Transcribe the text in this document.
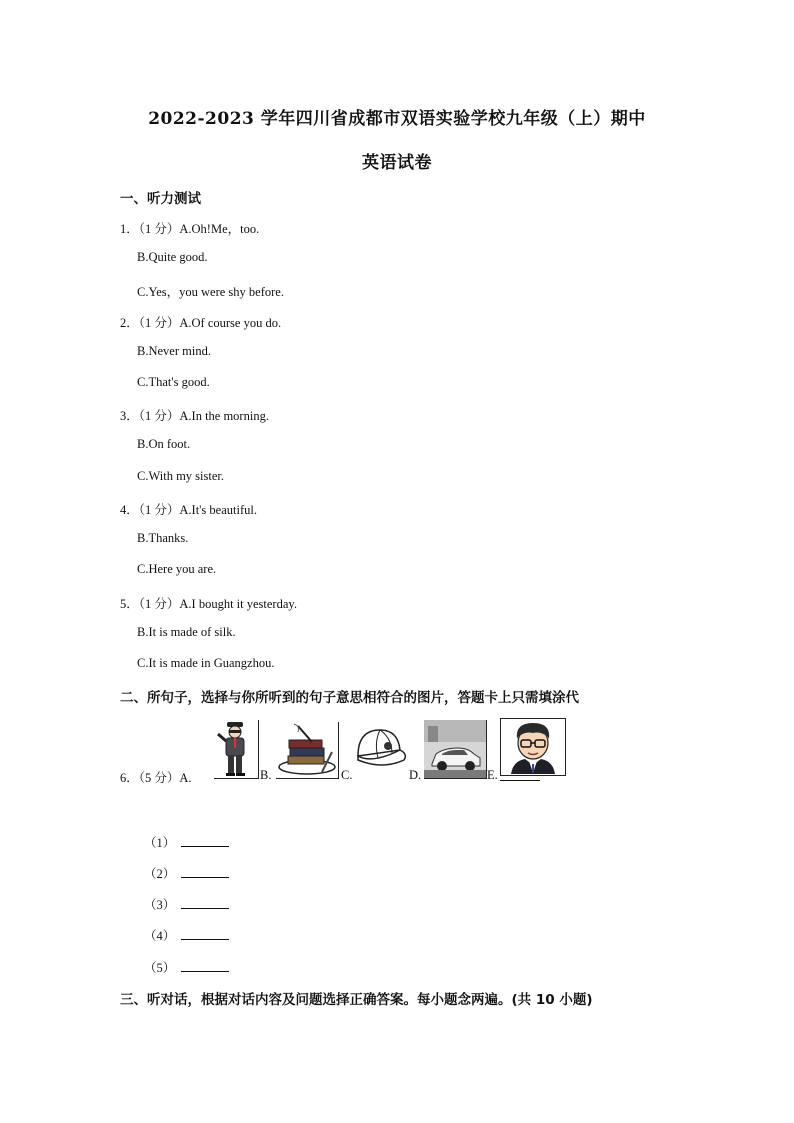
2022-2023 学年四川省成都市双语实验学校九年级（上）期中
英语试卷
一、听力测试
1．（1 分）A.Oh!Me，too.
B.Quite good.
C.Yes，you were shy before.
2．（1 分）A.Of course you do.
B.Never mind.
C.That's good.
3．（1 分）A.In the morning.
B.On foot.
C.With my sister.
4．（1 分）A.It's beautiful.
B.Thanks.
C.Here you are.
5．（1 分）A.I bought it yesterday.
B.It is made of silk.
C.It is made in Guangzhou.
二、所句子，选择与你所听到的句子意思相符合的图片，答题卡上只需填涂代
6．（5 分）A.	B.	C.	D.	E.
（1）
（2）
（3）
（4）
（5）
三、听对话，根据对话内容及问题选择正确答案。每小题念两遍。(共 10 小题)
